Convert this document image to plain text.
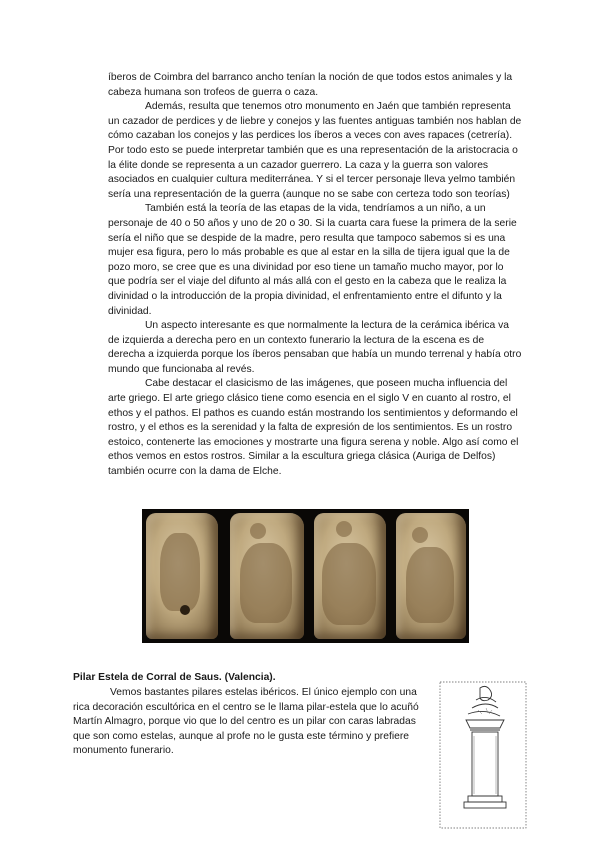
íberos de Coimbra del barranco ancho tenían la noción de que todos estos animales y la cabeza humana son trofeos de guerra o caza.

Además, resulta que tenemos otro monumento en Jaén que también representa un cazador de perdices y de liebre y conejos y las fuentes antiguas también nos hablan de cómo cazaban los conejos y las perdices los íberos a veces con aves rapaces (cetrería). Por todo esto se puede interpretar también que es una representación de la aristocracia o la élite donde se representa a un cazador guerrero. La caza y la guerra son valores asociados en cualquier cultura mediterránea. Y si el tercer personaje lleva yelmo también sería una representación de la guerra (aunque no se sabe con certeza todo son teorías)

También está la teoría de las etapas de la vida, tendríamos a un niño, a un personaje de 40 o 50 años y uno de 20 o 30. Si la cuarta cara fuese la primera de la serie sería el niño que se despide de la madre, pero resulta que tampoco sabemos si es una mujer esa figura, pero lo más probable es que al estar en la silla de tijera igual que la de pozo moro, se cree que es una divinidad por eso tiene un tamaño mucho mayor, por lo que podría ser el viaje del difunto al más allá con el gesto en la cabeza que le realiza la divinidad o la introducción de la propia divinidad, el enfrentamiento entre el difunto y la divinidad.

Un aspecto interesante es que normalmente la lectura de la cerámica ibérica va de izquierda a derecha pero en un contexto funerario la lectura de la escena es de derecha a izquierda porque los íberos pensaban que había un mundo terrenal y había otro mundo que funcionaba al revés.

Cabe destacar el clasicismo de las imágenes, que poseen mucha influencia del arte griego. El arte griego clásico tiene como esencia en el siglo V en cuanto al rostro, el ethos y el pathos. El pathos es cuando están mostrando los sentimientos y deformando el rostro, y el ethos es la serenidad y la falta de expresión de los sentimientos. Es un rostro estoico, contenerte las emociones y mostrarte una figura serena y noble. Algo así como el ethos vemos en estos rostros. Similar a la escultura griega clásica (Auriga de Delfos) también ocurre con la dama de Elche.

Pilar Estela de Corral de Saus. (Valencia).

Vemos bastantes pilares estelas ibéricos. El único ejemplo con una rica decoración escultórica en el centro se le llama pilar-estela que lo acuñó Martín Almagro, porque vio que lo del centro es un pilar con caras labradas que son como estelas, aunque al profe no le gusta este término y prefiere monumento funerario.
